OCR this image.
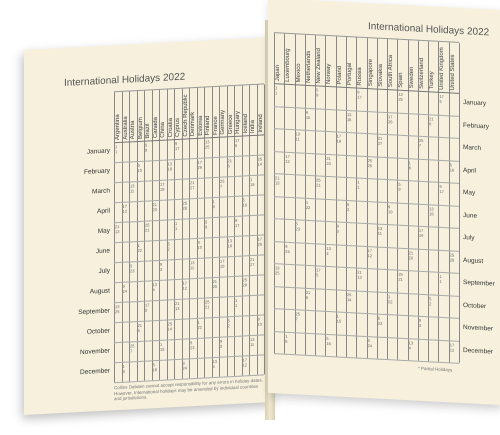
International Holidays 2022
Argentina
1
1
21
13
13
25
Australia
17
12
9
24
1
8
Austria
13
11
5
23
25
7
Belgium
9
10
1
22
21
6
Brazil
5
9
25
21
17
5
Canada
21
20
13
4
5
16
China
17
19
9
3
1
15
Croatia
13
18
5
2
25
14
Cyprus
9
17
1
1
21
13
Czech Republic
25
28
17
12
9
24
Denmark
21
27
13
11
5
23
Estonia
17
26
9
10
1
22
Finland
13
25
5
9
25
21
France
1
8
21
20
13
4
Germany
25
7
17
19
9
3
Greece
21
6
13
18
5
2
Hungary
17
5
9
17
1
1
Iceland
5
16
25
28
17
12
India
1
15
21
27
13
11
Ireland
25
14
17
26
9
10
January
February
March
April
May
June
July
August
September
October
November
December
Collins Debden cannot accept responsibility for any errors in holiday dates. However, International holidays may be amended by individual countries and jurisdictions.
International Holidays 2022
Japan
1
1
21
13
13
25
Luxembourg
17
12
9
24
1
8
Mexico
13
11
5
23
25
7
Netherlands
9
10
1
22
21
6
New Zealand
5
9
25
21
17
5
Norway
21
20
13
4
5
16
Poland
17
19
9
3
1
15
Portugal
13
18
5
2
25
14
Russia
9
17
1
1
21
13
Singapore
25
28
17
12
9
24
Slovakia
21
27
13
11
5
23
South Africa
17
26
9
10
1
22
Spain
13
25
5
9
25
21
Sweden
1
8
21
20
13
4
Switzerland
25
7
17
19
9
3
Turkey
21
6
13
18
5
2
United Kingdom
17
5
9
17
1
1
United States
5
16
25
28
17
12
January
February
March
April
May
June
July
August
September
October
November
December
* Partial Holidays
